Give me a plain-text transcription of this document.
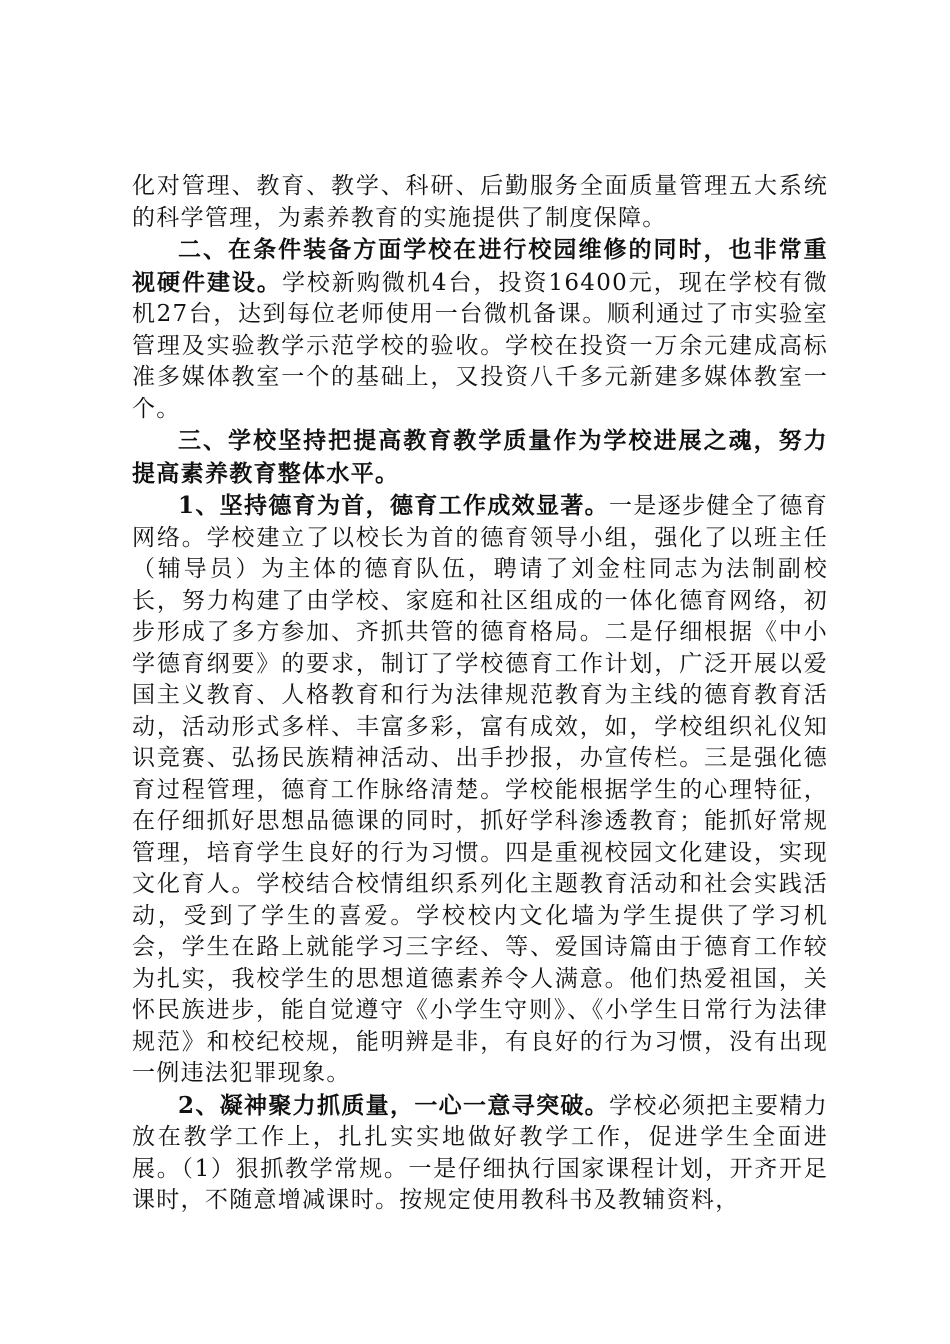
化对管理、教育、教学、科研、后勤服务全面质量管理五大系统的科学管理，为素养教育的实施提供了制度保障。

二、在条件装备方面学校在进行校园维修的同时，也非常重视硬件建设。学校新购微机4台，投资16400元，现在学校有微机27台，达到每位老师使用一台微机备课。顺利通过了市实验室管理及实验教学示范学校的验收。学校在投资一万余元建成高标准多媒体教室一个的基础上，又投资八千多元新建多媒体教室一个。

三、学校坚持把提高教育教学质量作为学校进展之魂，努力提高素养教育整体水平。

1、坚持德育为首，德育工作成效显著。一是逐步健全了德育网络。学校建立了以校长为首的德育领导小组，强化了以班主任（辅导员）为主体的德育队伍，聘请了刘金柱同志为法制副校长，努力构建了由学校、家庭和社区组成的一体化德育网络，初步形成了多方参加、齐抓共管的德育格局。二是仔细根据《中小学德育纲要》的要求，制订了学校德育工作计划，广泛开展以爱国主义教育、人格教育和行为法律规范教育为主线的德育教育活动，活动形式多样、丰富多彩，富有成效，如，学校组织礼仪知识竞赛、弘扬民族精神活动、出手抄报，办宣传栏。三是强化德育过程管理，德育工作脉络清楚。学校能根据学生的心理特征，在仔细抓好思想品德课的同时，抓好学科渗透教育；能抓好常规管理，培育学生良好的行为习惯。四是重视校园文化建设，实现文化育人。学校结合校情组织系列化主题教育活动和社会实践活动，受到了学生的喜爱。学校校内文化墙为学生提供了学习机会，学生在路上就能学习三字经、等、爱国诗篇由于德育工作较为扎实，我校学生的思想道德素养令人满意。他们热爱祖国，关怀民族进步，能自觉遵守《小学生守则》、《小学生日常行为法律规范》和校纪校规，能明辨是非，有良好的行为习惯，没有出现一例违法犯罪现象。

2、凝神聚力抓质量，一心一意寻突破。学校必须把主要精力放在教学工作上，扎扎实实地做好教学工作，促进学生全面进展。（1）狠抓教学常规。一是仔细执行国家课程计划，开齐开足课时，不随意增减课时。按规定使用教科书及教辅资料，
